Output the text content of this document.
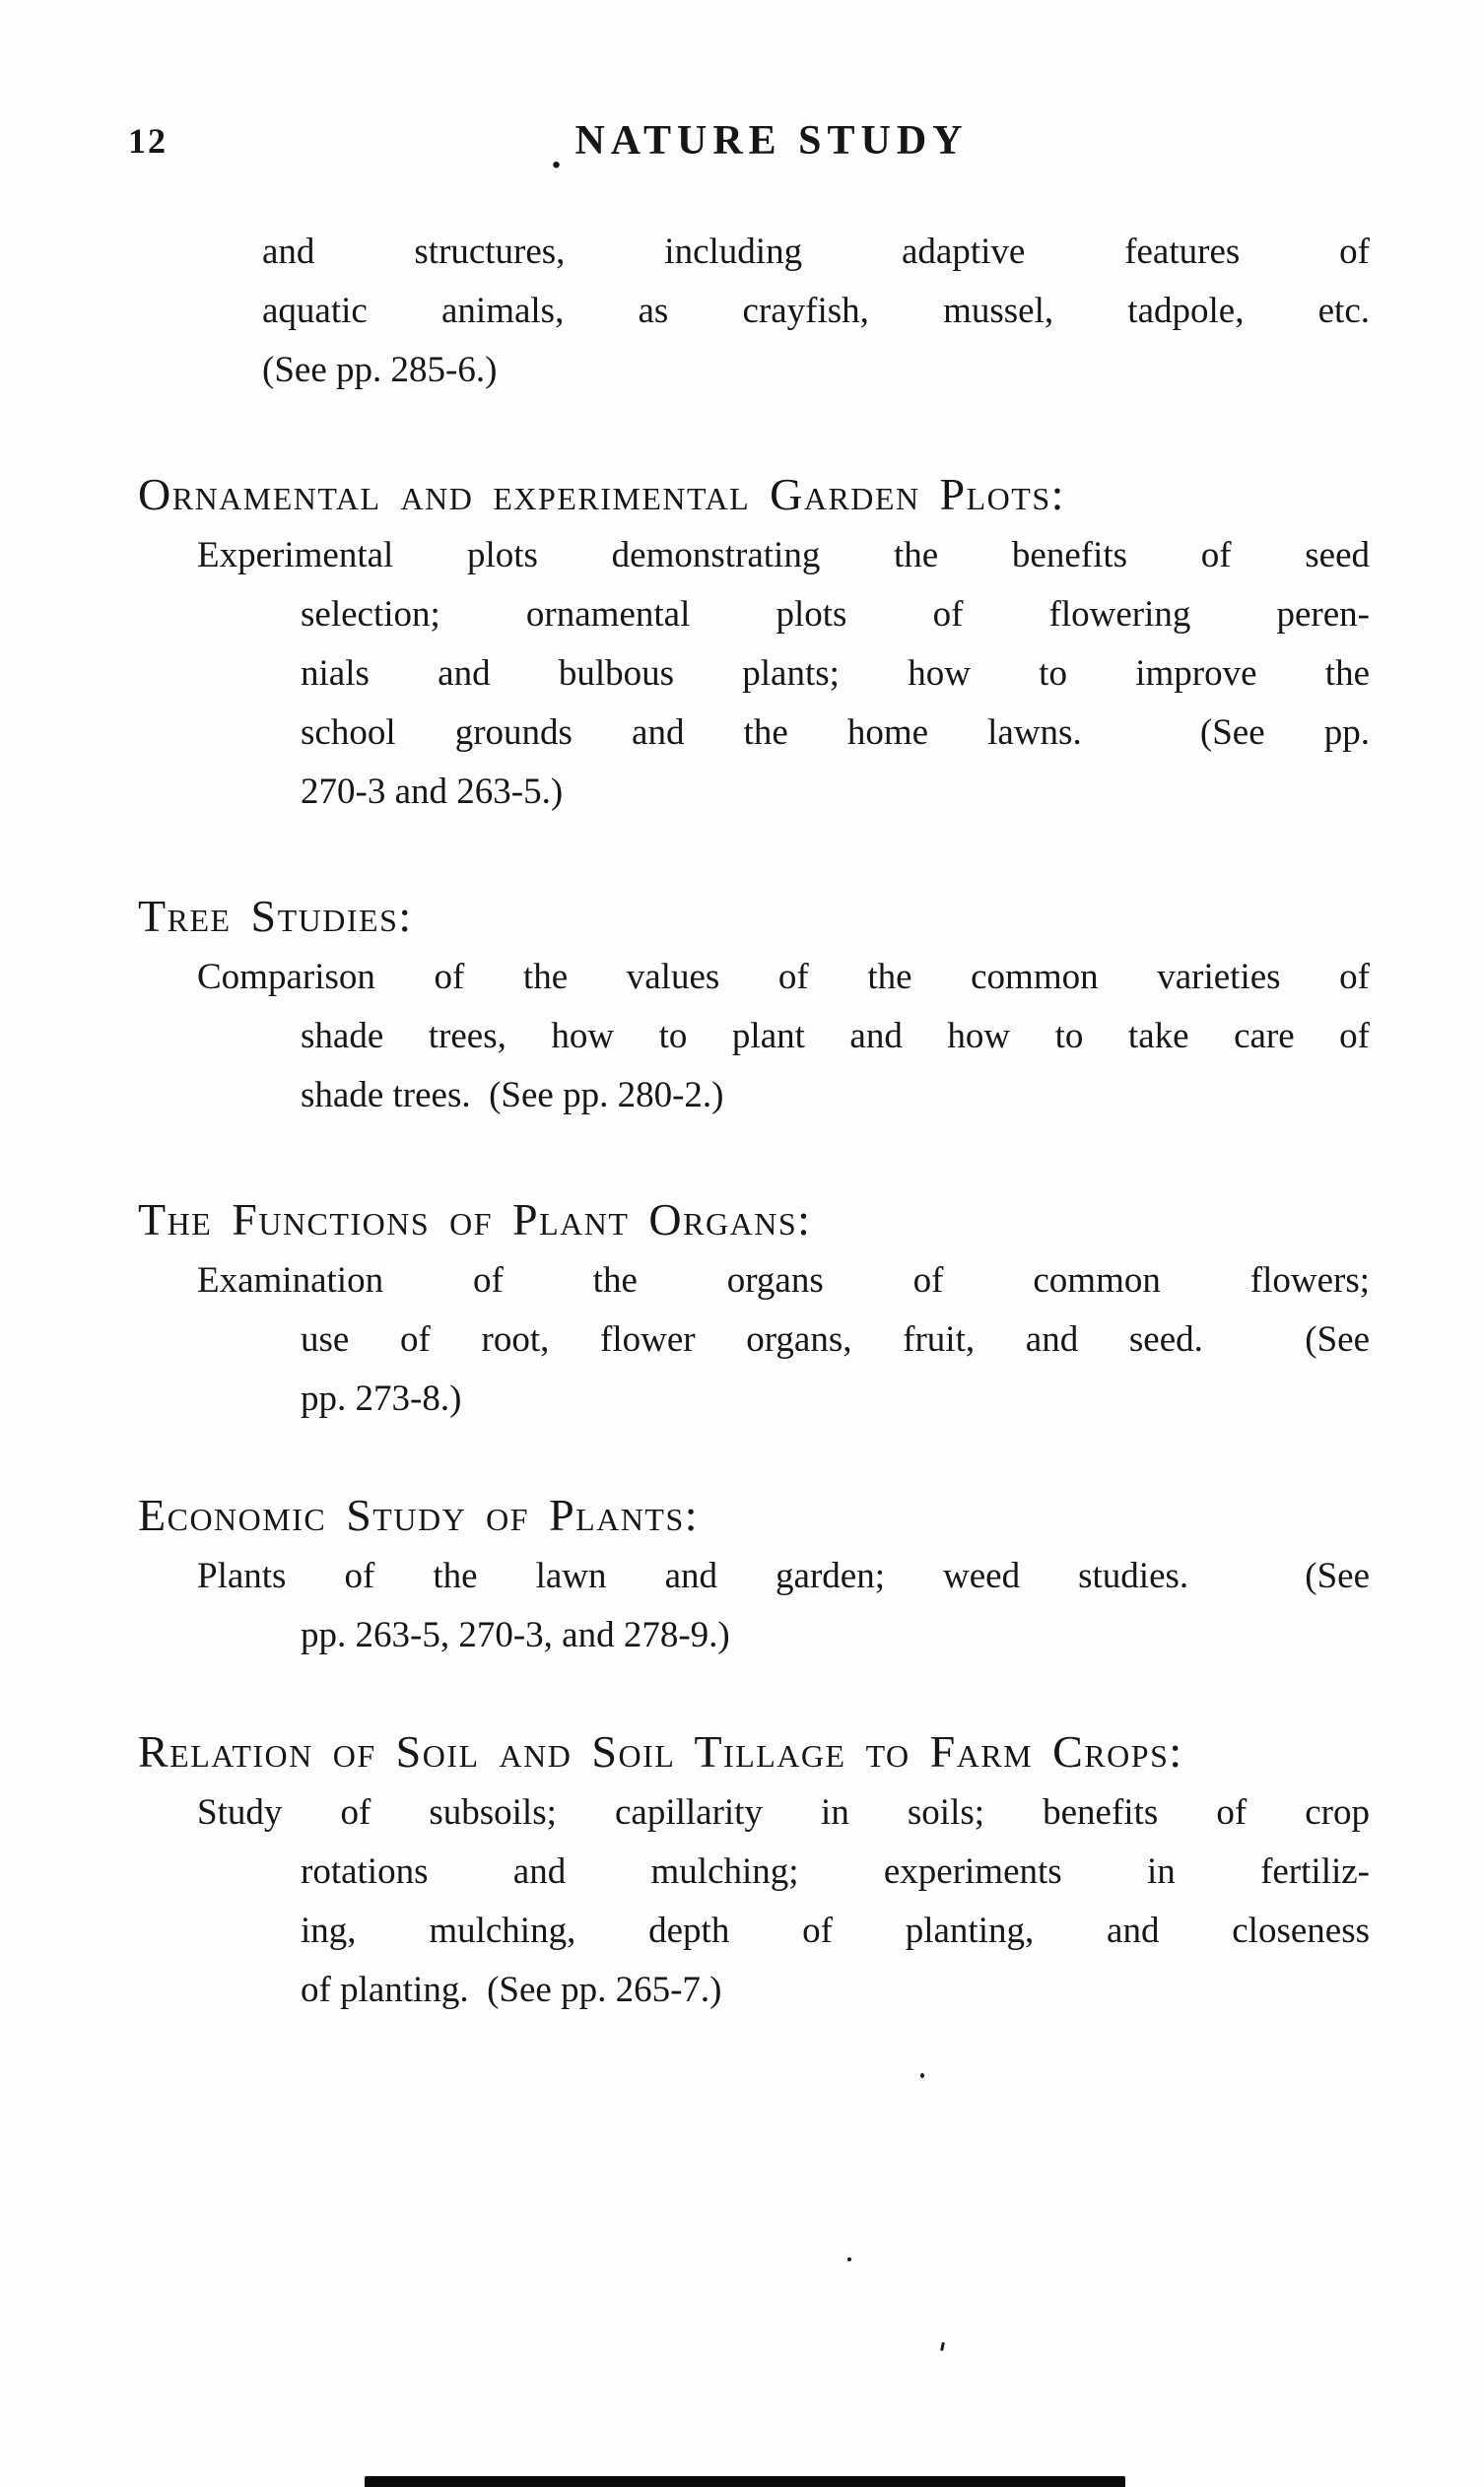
12	. NATURE STUDY
and structures, including adaptive features of
aquatic animals, as crayfish, mussel, tadpole, etc.
(See pp. 285-6.)
Ornamental and experimental Garden Plots:
Experimental plots demonstrating the benefits of seed
selection; ornamental plots of flowering peren-
nials and bulbous plants; how to improve the
school grounds and the home lawns.  (See pp.
270-3 and 263-5.)
Tree Studies:
Comparison of the values of the common varieties of
shade trees, how to plant and how to take care of
shade trees.  (See pp. 280-2.)
The Functions of Plant Organs:
Examination of the organs of common flowers;
use of root, flower organs, fruit, and seed.  (See
pp. 273-8.)
Economic Study of Plants:
Plants of the lawn and garden; weed studies.  (See
pp. 263-5, 270-3, and 278-9.)
Relation of Soil and Soil Tillage to Farm Crops:
Study of subsoils; capillarity in soils; benefits of crop
rotations and mulching; experiments in fertiliz-
ing, mulching, depth of planting, and closeness
of planting.  (See pp. 265-7.)
